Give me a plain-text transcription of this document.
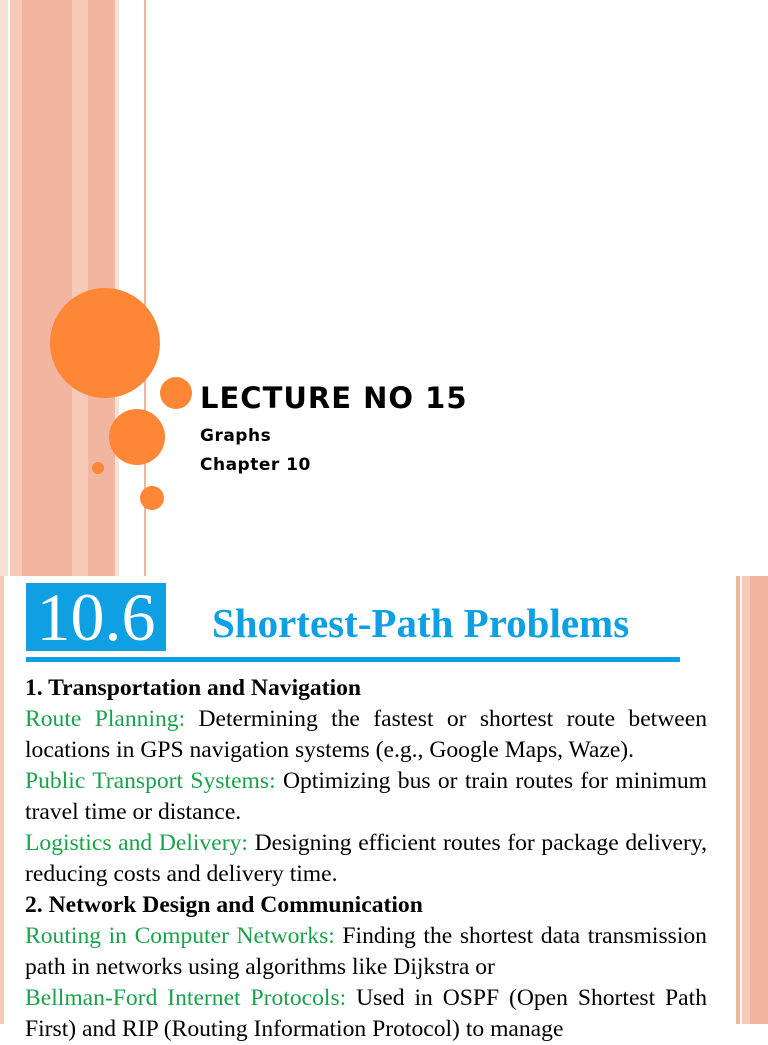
LECTURE NO 15
Graphs
Chapter 10
10.6 Shortest-Path Problems

1. Transportation and Navigation

Route Planning: Determining the fastest or shortest route between locations in GPS navigation systems (e.g., Google Maps, Waze).

Public Transport Systems: Optimizing bus or train routes for minimum travel time or distance.

Logistics and Delivery: Designing efficient routes for package delivery, reducing costs and delivery time.

2. Network Design and Communication

Routing in Computer Networks: Finding the shortest data transmission path in networks using algorithms like Dijkstra or

Bellman-Ford Internet Protocols: Used in OSPF (Open Shortest Path First) and RIP (Routing Information Protocol) to manage
